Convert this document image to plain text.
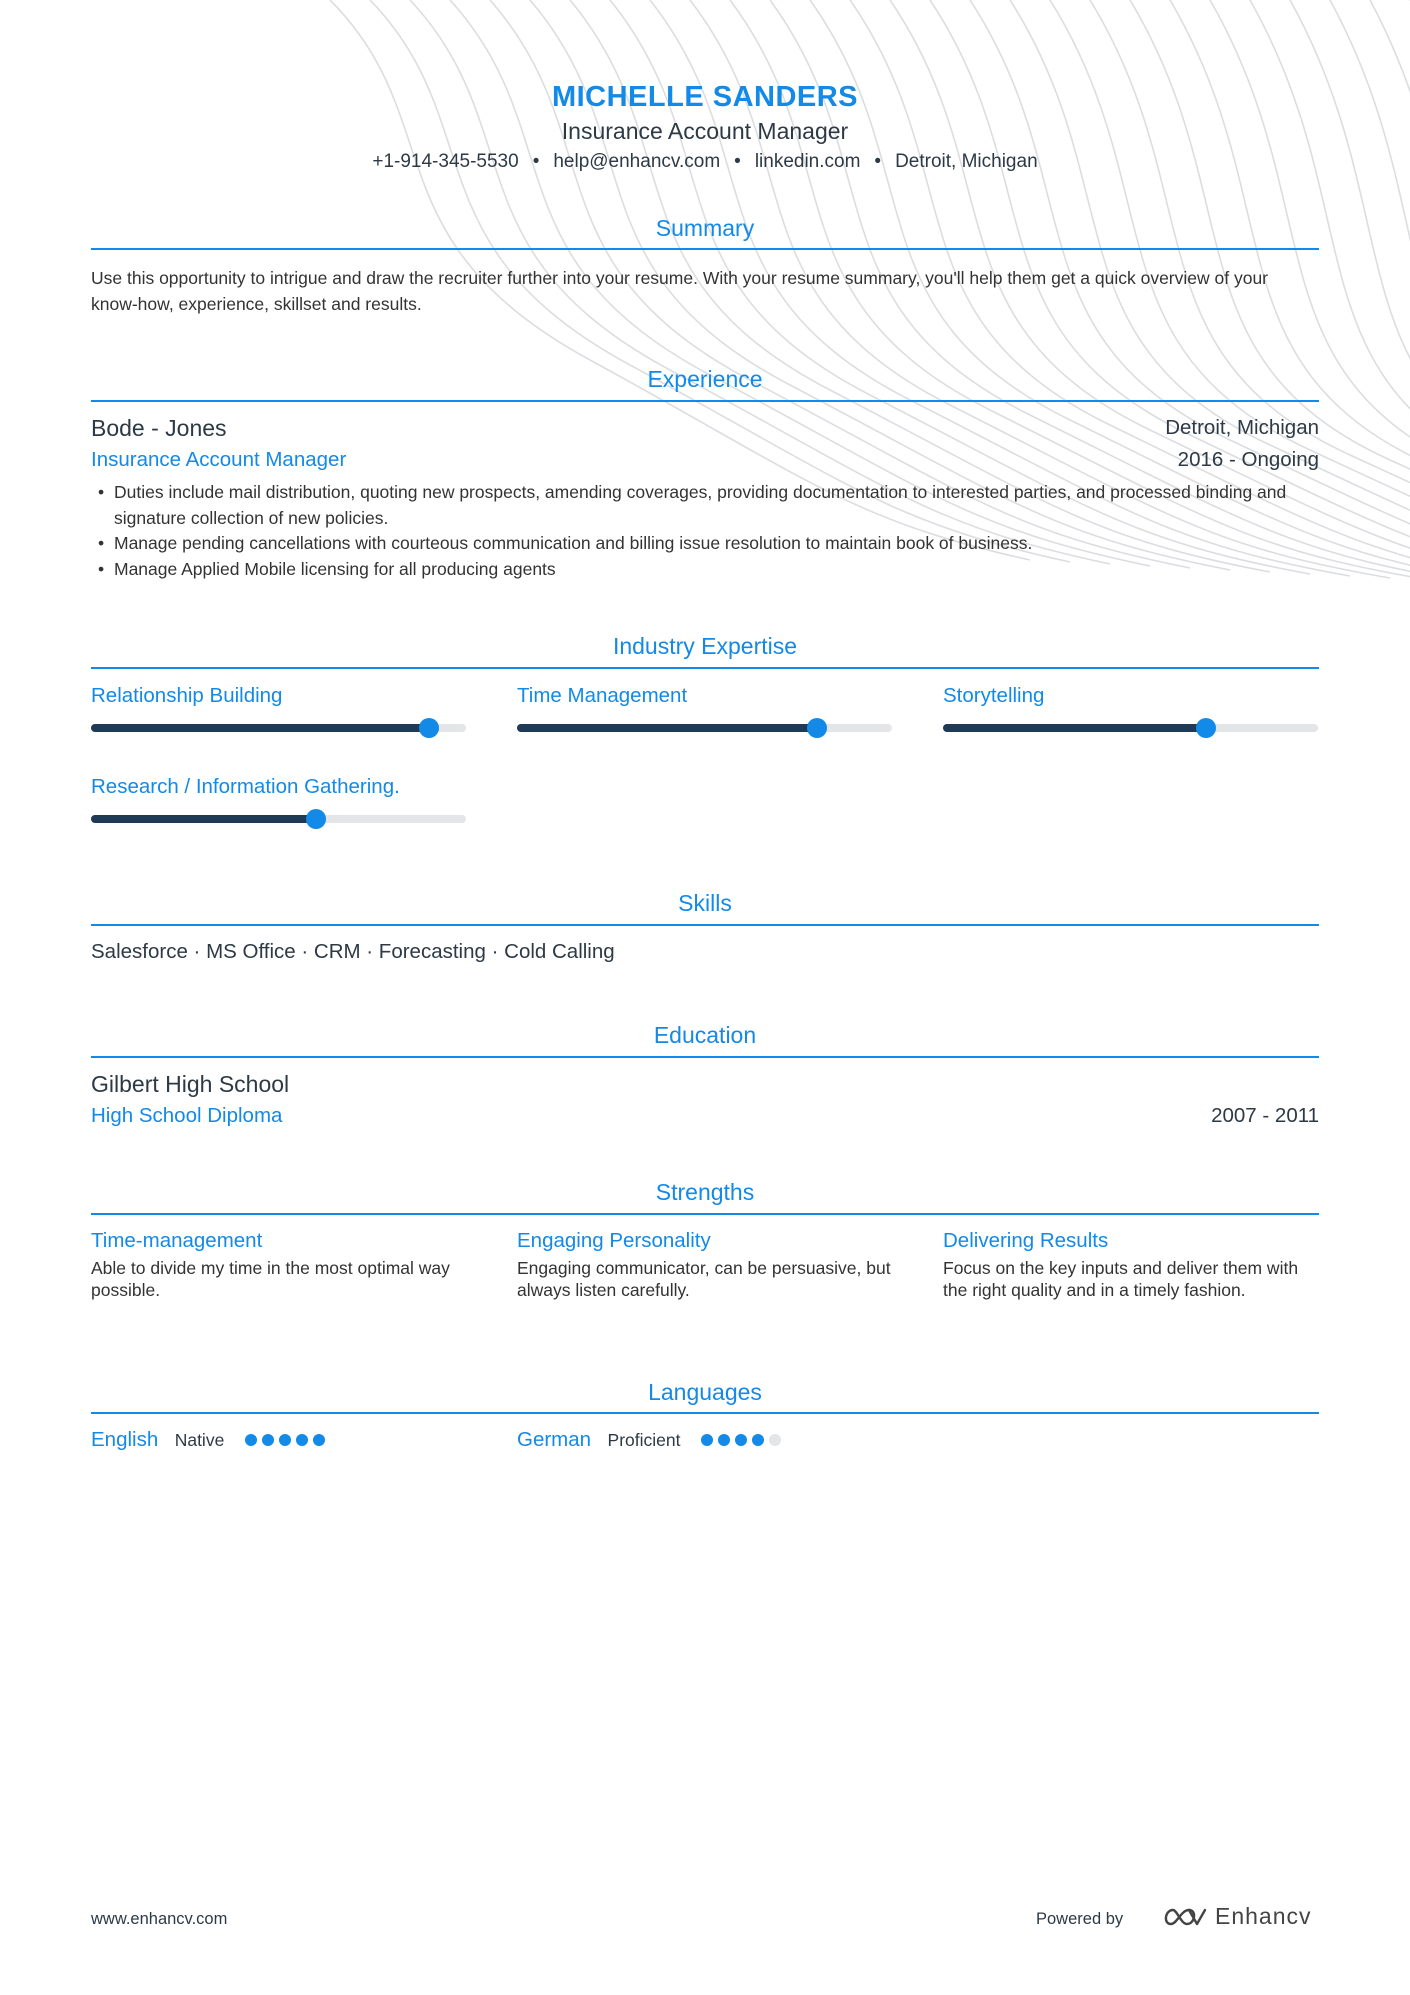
MICHELLE SANDERS
Insurance Account Manager
+1-914-345-5530 • help@enhancv.com • linkedin.com • Detroit, Michigan
Summary
Use this opportunity to intrigue and draw the recruiter further into your resume. With your resume summary, you'll help them get a quick overview of your know-how, experience, skillset and results.
Experience
Bode - Jones	Detroit, Michigan
Insurance Account Manager	2016 - Ongoing
• Duties include mail distribution, quoting new prospects, amending coverages, providing documentation to interested parties, and processed binding and signature collection of new policies.
• Manage pending cancellations with courteous communication and billing issue resolution to maintain book of business.
• Manage Applied Mobile licensing for all producing agents
Industry Expertise
Relationship Building	Time Management	Storytelling
Research / Information Gathering.
Skills
Salesforce · MS Office · CRM · Forecasting · Cold Calling
Education
Gilbert High School
High School Diploma	2007 - 2011
Strengths
Time-management
Able to divide my time in the most optimal way possible.
Engaging Personality
Engaging communicator, can be persuasive, but always listen carefully.
Delivering Results
Focus on the key inputs and deliver them with the right quality and in a timely fashion.
Languages
English Native	German Proficient
www.enhancv.com	Powered by	Enhancv
